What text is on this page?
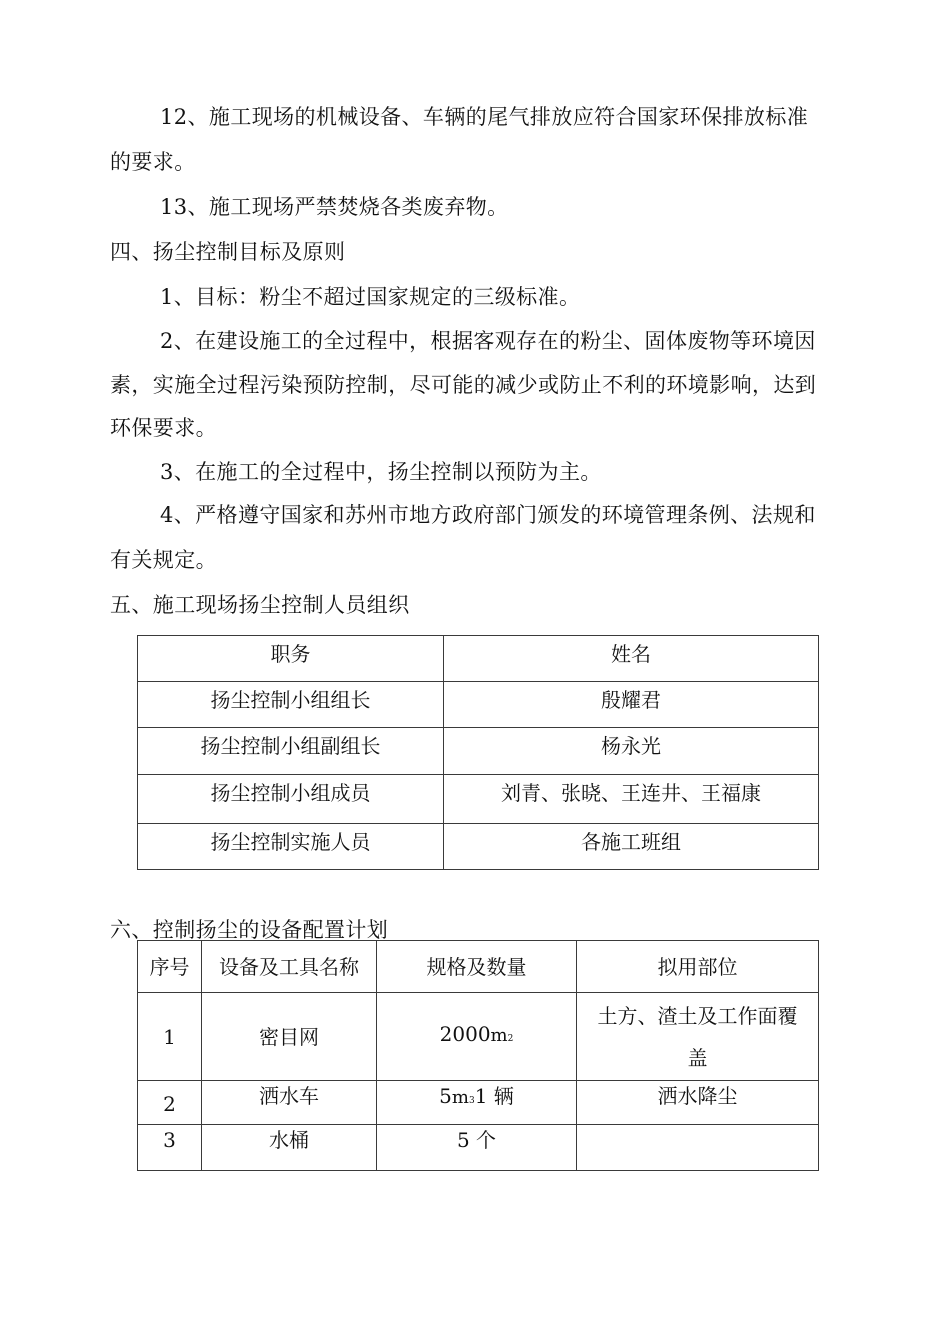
12、施工现场的机械设备、车辆的尾气排放应符合国家环保排放标准
的要求。
13、施工现场严禁焚烧各类废弃物。
四、扬尘控制目标及原则
1、目标：粉尘不超过国家规定的三级标准。
2、在建设施工的全过程中，根据客观存在的粉尘、固体废物等环境因
素，实施全过程污染预防控制，尽可能的减少或防止不利的环境影响，达到
环保要求。
3、在施工的全过程中，扬尘控制以预防为主。
4、严格遵守国家和苏州市地方政府部门颁发的环境管理条例、法规和
有关规定。
五、施工现场扬尘控制人员组织
职务	姓名
扬尘控制小组组长	殷耀君
扬尘控制小组副组长	杨永光
扬尘控制小组成员	刘青、张晓、王连井、王福康
扬尘控制实施人员	各施工班组
六、控制扬尘的设备配置计划
序号	设备及工具名称	规格及数量	拟用部位
1	密目网	2000m2	土方、渣土及工作面覆
盖

2	洒水车	5m31 辆	洒水降尘
3	水桶	5 个	
